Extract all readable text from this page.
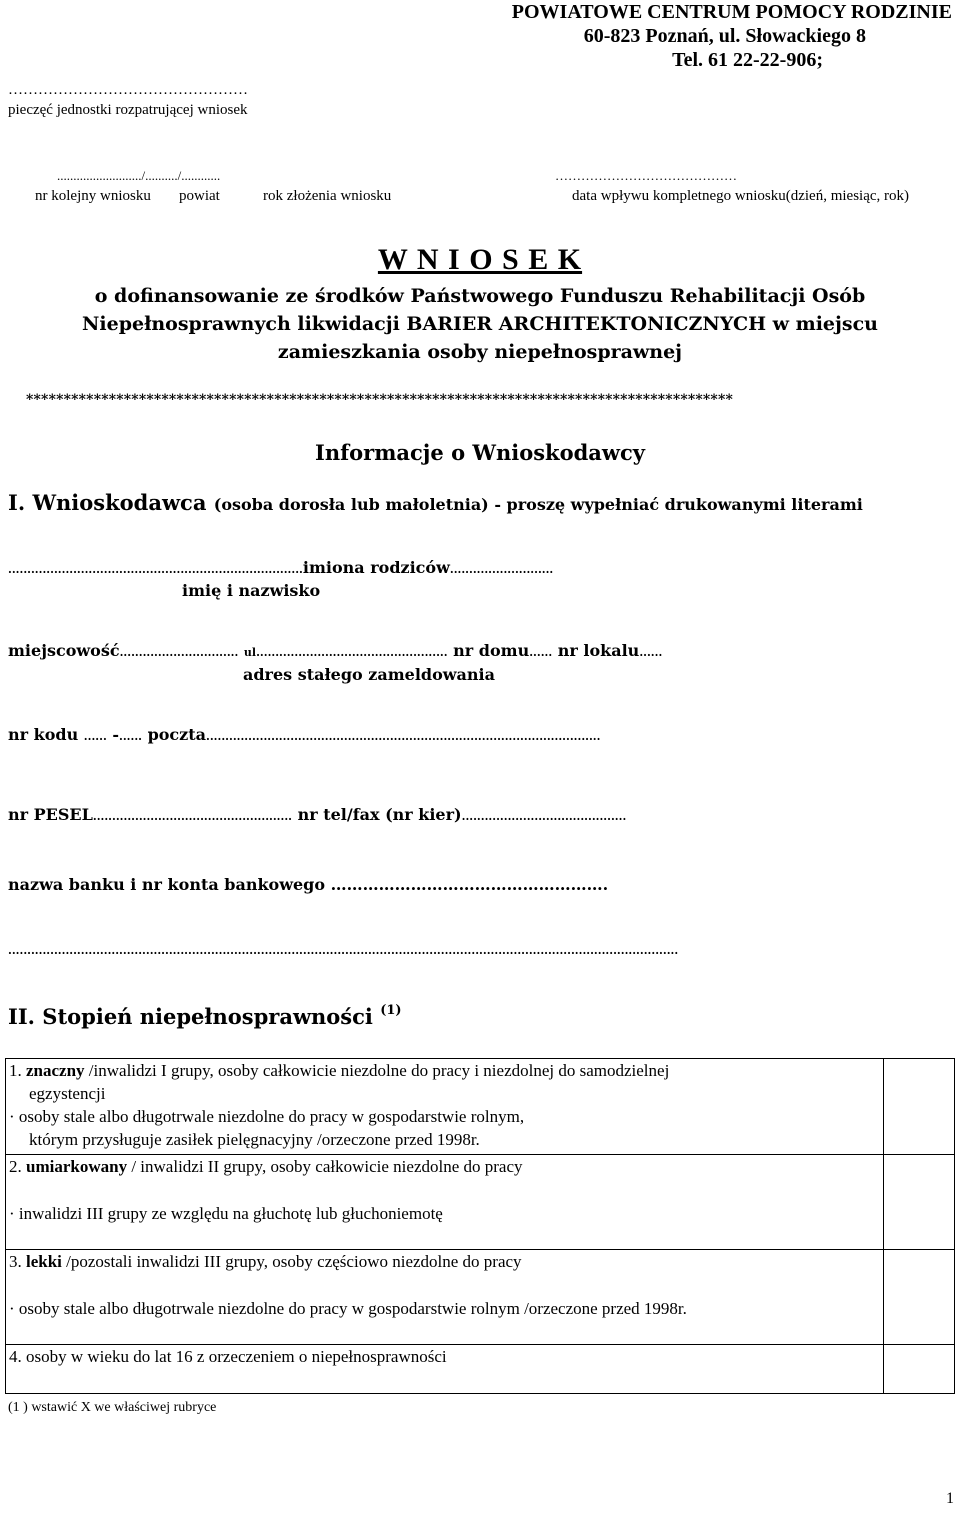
POWIATOWE CENTRUM POMOCY RODZINIE
60-823 Poznań, ul. Słowackiego 8
Tel. 61 22-22-906;
…………………………………………
pieczęć jednostki rozpatrującej wniosek
........................../........../............	……………………………………
nr kolejny wniosku powiat	rok złożenia wniosku	data wpływu kompletnego wniosku(dzień, miesiąc, rok)
W N I O S E K
o dofinansowanie ze środków Państwowego Funduszu Rehabilitacji Osób
Niepełnosprawnych likwidacji BARIER ARCHITEKTONICZNYCH w miejscu
zamieszkania osoby niepełnosprawnej
**********************************************************************************************
Informacje o Wnioskodawcy
I. Wnioskodawca (osoba dorosła lub małoletnia) - proszę wypełniać drukowanymi literami
.............................................................................imiona rodziców...........................
imię i nazwisko
miejscowość............................... ul.................................................. nr domu...... nr lokalu......
adres stałego zameldowania
nr kodu ...... -...... poczta.......................................................................................................
nr PESEL.................................................... nr tel/fax (nr kier)...........................................
nazwa banku i nr konta bankowego …………………………………………….
...............................................................................................................................................................................
II. Stopień niepełnosprawności $^{(1)}$
1. znaczny /inwalidzi I grupy, osoby całkowicie niezdolne do pracy i niezdolnej do samodzielnej
egzystencji
· osoby stale albo długotrwale niezdolne do pracy w gospodarstwie rolnym,
którym przysługuje zasiłek pielęgnacyjny /orzeczone przed 1998r.	

2. umiarkowany / inwalidzi II grupy, osoby całkowicie niezdolne do pracy
· inwalidzi III grupy ze względu na głuchotę lub głuchoniemotę	

3. lekki /pozostali inwalidzi III grupy, osoby częściowo niezdolne do pracy
· osoby stale albo długotrwale niezdolne do pracy w gospodarstwie rolnym /orzeczone przed 1998r.	

4. osoby w wieku do lat 16 z orzeczeniem o niepełnosprawności	

(1 ) wstawić X we właściwej rubryce
1
